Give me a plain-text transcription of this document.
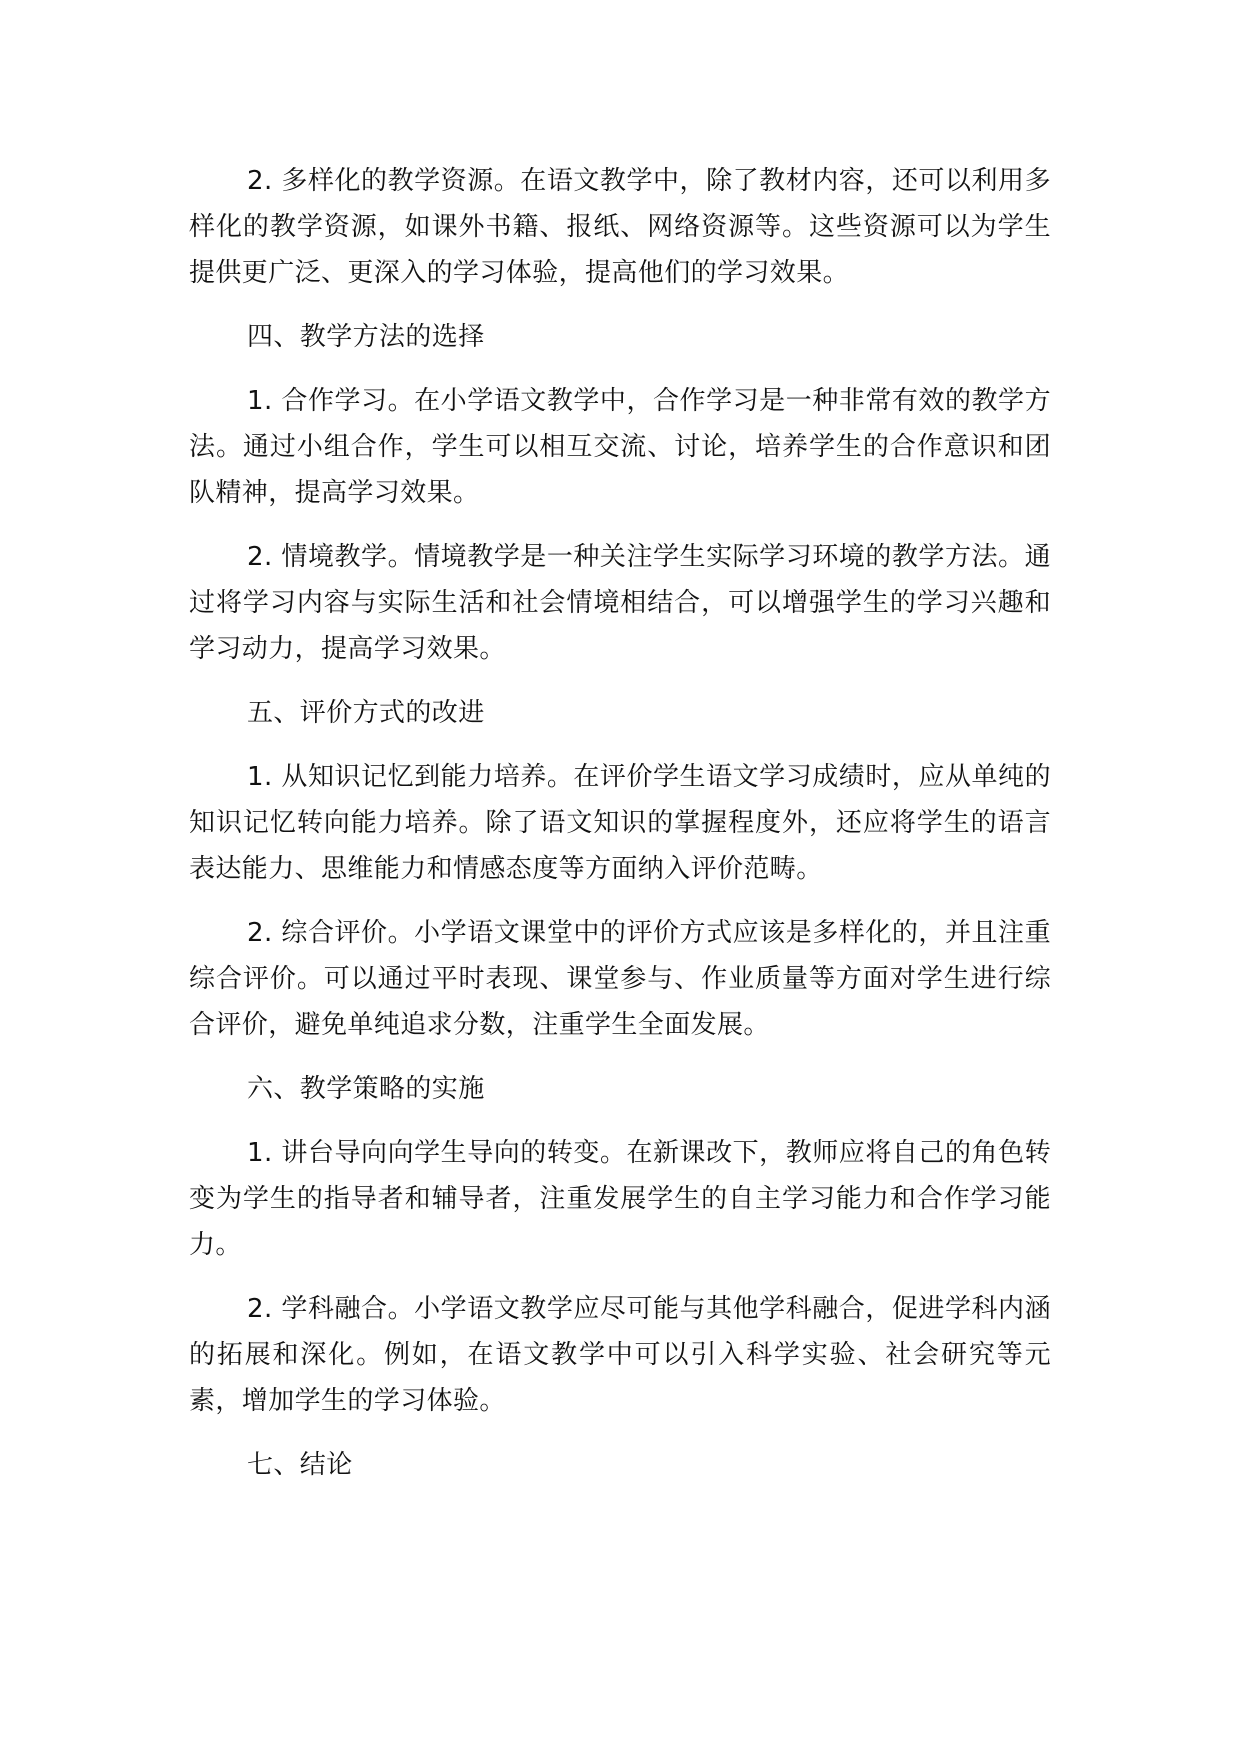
2. 多样化的教学资源。在语文教学中，除了教材内容，还可以利用多样化的教学资源，如课外书籍、报纸、网络资源等。这些资源可以为学生提供更广泛、更深入的学习体验，提高他们的学习效果。

四、教学方法的选择

1. 合作学习。在小学语文教学中，合作学习是一种非常有效的教学方法。通过小组合作，学生可以相互交流、讨论，培养学生的合作意识和团队精神，提高学习效果。

2. 情境教学。情境教学是一种关注学生实际学习环境的教学方法。通过将学习内容与实际生活和社会情境相结合，可以增强学生的学习兴趣和学习动力，提高学习效果。

五、评价方式的改进

1. 从知识记忆到能力培养。在评价学生语文学习成绩时，应从单纯的知识记忆转向能力培养。除了语文知识的掌握程度外，还应将学生的语言表达能力、思维能力和情感态度等方面纳入评价范畴。

2. 综合评价。小学语文课堂中的评价方式应该是多样化的，并且注重综合评价。可以通过平时表现、课堂参与、作业质量等方面对学生进行综合评价，避免单纯追求分数，注重学生全面发展。

六、教学策略的实施

1. 讲台导向向学生导向的转变。在新课改下，教师应将自己的角色转变为学生的指导者和辅导者，注重发展学生的自主学习能力和合作学习能力。

2. 学科融合。小学语文教学应尽可能与其他学科融合，促进学科内涵的拓展和深化。例如，在语文教学中可以引入科学实验、社会研究等元素，增加学生的学习体验。

七、结论
